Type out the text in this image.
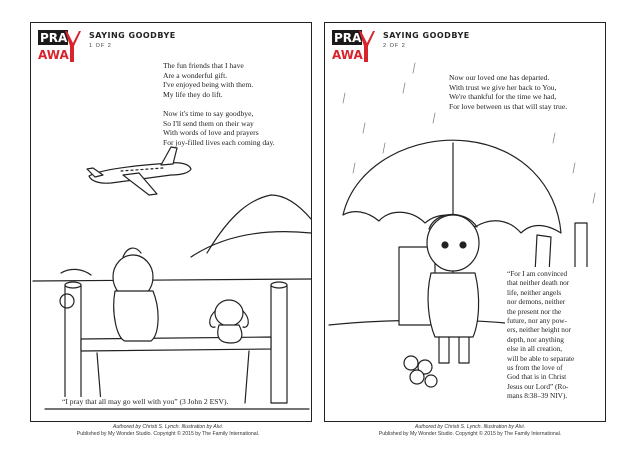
PRA
AWA
SAYING GOODBYE
1 OF 2

The fun friends that I have

Are a wonderful gift.

I've enjoyed being with them.

My life they do lift.

Now it's time to say goodbye,

So I'll send them on their way

With words of love and prayers

For joy-filled lives each coming day.

“I pray that all may go well with you” (3 John 2 ESV).
Authored by Christi S. Lynch. Illustration by Alvi.
Published by My Wonder Studio. Copyright © 2015 by The Family International.
PRA
AWA
SAYING GOODBYE
2 OF 2

Now our loved one has departed.

With trust we give her back to You,

We're thankful for the time we had,

For love between us that will stay true.

“For I am convinced

that neither death nor

life, neither angels

nor demons, neither

the present nor the

future, nor any pow-

ers, neither height nor

depth, nor anything

else in all creation,

will be able to separate

us from the love of

God that is in Christ

Jesus our Lord” (Ro-

mans 8:38–39 NIV).

Authored by Christi S. Lynch. Illustration by Alvi.
Published by My Wonder Studio. Copyright © 2015 by The Family International.
